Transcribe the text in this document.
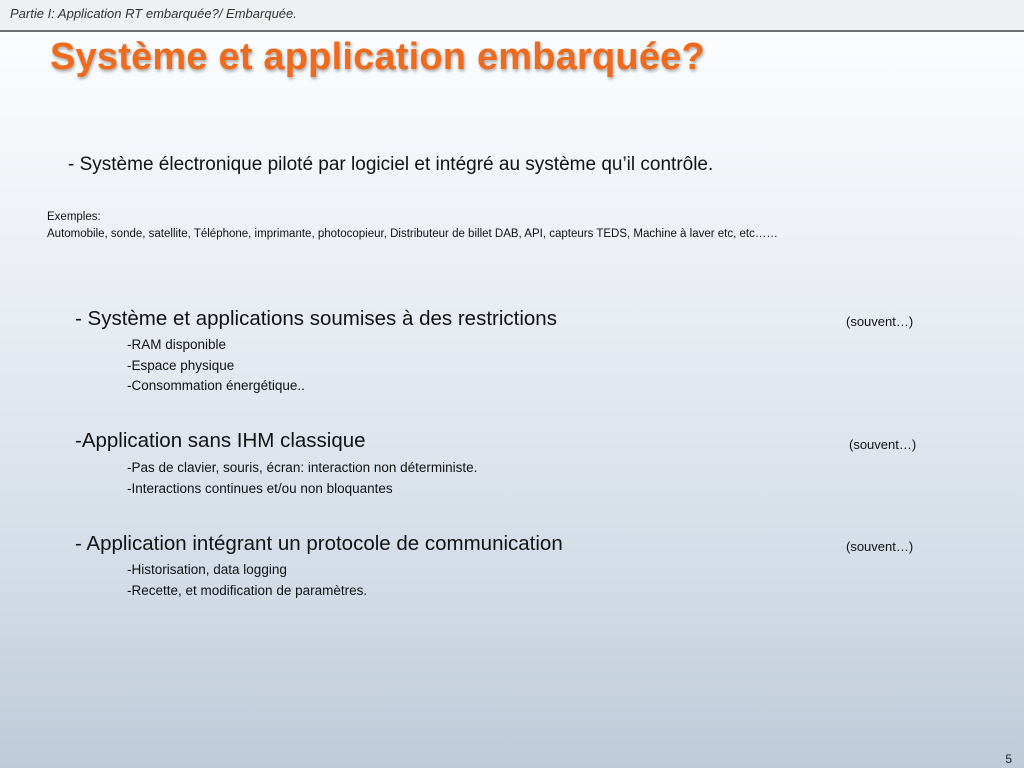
Partie I: Application RT embarquée?/ Embarquée.
Système et application embarquée?
- Système électronique piloté par logiciel et intégré au système qu’il contrôle.
Exemples:
Automobile, sonde, satellite, Téléphone, imprimante, photocopieur, Distributeur de billet DAB, API, capteurs TEDS, Machine à laver etc, etc……
- Système et applications soumises à des restrictions	(souvent…)
-RAM disponible
-Espace physique
-Consommation énergétique..
-Application sans IHM classique	(souvent…)
-Pas de clavier, souris, écran: interaction non déterministe.
-Interactions continues et/ou non bloquantes
- Application intégrant un protocole de communication	(souvent…)
-Historisation, data logging
-Recette, et modification de paramètres.
5
